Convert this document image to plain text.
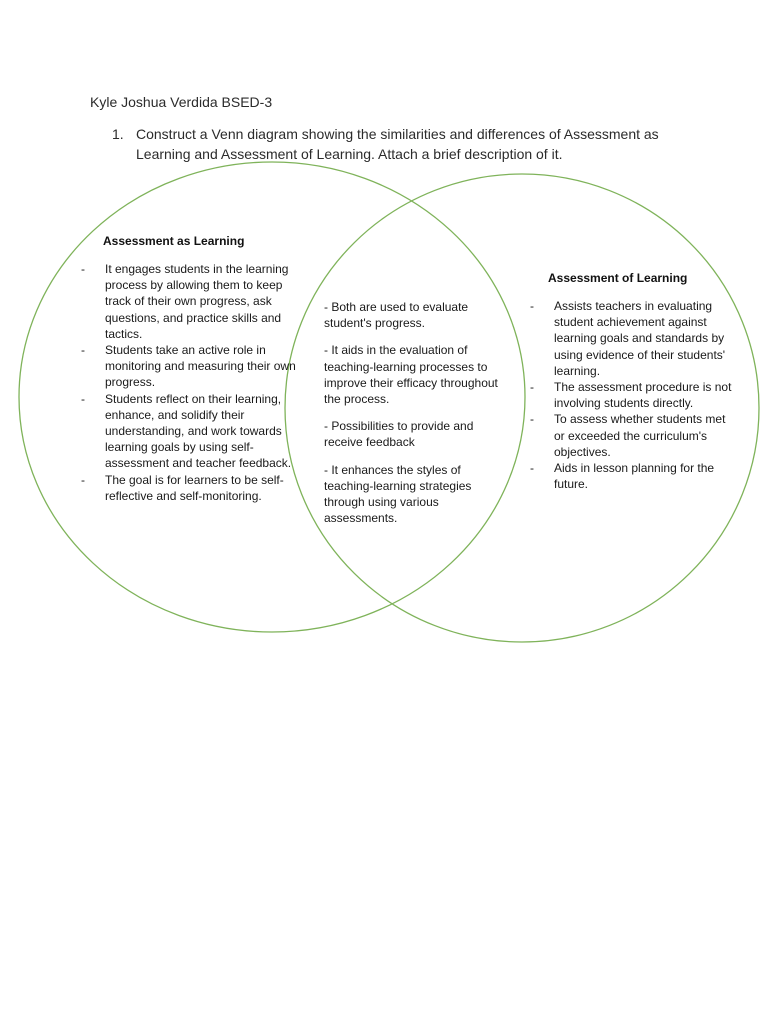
Kyle Joshua Verdida BSED-3
1. Construct a Venn diagram showing the similarities and differences of Assessment as Learning and Assessment of Learning. Attach a brief description of it.
Assessment as Learning
- It engages students in the learning process by allowing them to keep track of their own progress, ask questions, and practice skills and tactics.
- Students take an active role in monitoring and measuring their own progress.
- Students reflect on their learning, enhance, and solidify their understanding, and work towards learning goals by using self-assessment and teacher feedback.
- The goal is for learners to be self-reflective and self-monitoring.

- Both are used to evaluate student's progress.

- It aids in the evaluation of teaching-learning processes to improve their efficacy throughout the process.

- Possibilities to provide and receive feedback

- It enhances the styles of teaching-learning strategies through using various assessments.

Assessment of Learning
- Assists teachers in evaluating student achievement against learning goals and standards by using evidence of their students' learning.
- The assessment procedure is not involving students directly.
- To assess whether students met or exceeded the curriculum's objectives.
- Aids in lesson planning for the future.
